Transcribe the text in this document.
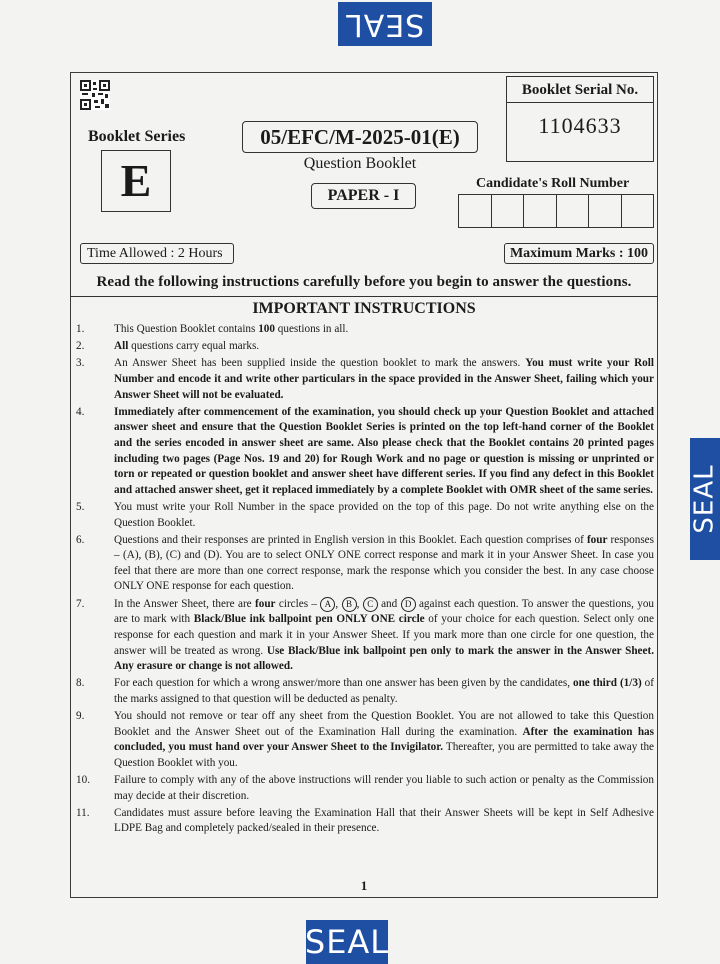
SEAL
SEAL
SEAL
Booklet Serial No.
1104633
Booklet Series
E
05/EFC/M-2025-01(E)
Question Booklet
PAPER - I
Candidate's Roll Number
Time Allowed : 2 Hours	Maximum Marks : 100
Read the following instructions carefully before you begin to answer the questions.
IMPORTANT INSTRUCTIONS
1.	This Question Booklet contains 100 questions in all.
2.	All questions carry equal marks.
3.	An Answer Sheet has been supplied inside the question booklet to mark the answers. You must write your Roll Number and encode it and write other particulars in the space provided in the Answer Sheet, failing which your Answer Sheet will not be evaluated.
4.	Immediately after commencement of the examination, you should check up your Question Booklet and attached answer sheet and ensure that the Question Booklet Series is printed on the top left-hand corner of the Booklet and the series encoded in answer sheet are same. Also please check that the Booklet contains 20 printed pages including two pages (Page Nos. 19 and 20) for Rough Work and no page or question is missing or unprinted or torn or repeated or question booklet and answer sheet have different series. If you find any defect in this Booklet and attached answer sheet, get it replaced immediately by a complete Booklet with OMR sheet of the same series.
5.	You must write your Roll Number in the space provided on the top of this page. Do not write anything else on the Question Booklet.
6.	Questions and their responses are printed in English version in this Booklet. Each question comprises of four responses – (A), (B), (C) and (D). You are to select ONLY ONE correct response and mark it in your Answer Sheet. In case you feel that there are more than one correct response, mark the response which you consider the best. In any case choose ONLY ONE response for each question.
7.	In the Answer Sheet, there are four circles – A , B , C and D against each question. To answer the questions, you are to mark with Black/Blue ink ballpoint pen ONLY ONE circle of your choice for each question. Select only one response for each question and mark it in your Answer Sheet. If you mark more than one circle for one question, the answer will be treated as wrong. Use Black/Blue ink ballpoint pen only to mark the answer in the Answer Sheet. Any erasure or change is not allowed.
8.	For each question for which a wrong answer/more than one answer has been given by the candidates, one third (1/3) of the marks assigned to that question will be deducted as penalty.
9.	You should not remove or tear off any sheet from the Question Booklet. You are not allowed to take this Question Booklet and the Answer Sheet out of the Examination Hall during the examination. After the examination has concluded, you must hand over your Answer Sheet to the Invigilator. Thereafter, you are permitted to take away the Question Booklet with you.
10.	Failure to comply with any of the above instructions will render you liable to such action or penalty as the Commission may decide at their discretion.
11.	Candidates must assure before leaving the Examination Hall that their Answer Sheets will be kept in Self Adhesive LDPE Bag and completely packed/sealed in their presence.
1
